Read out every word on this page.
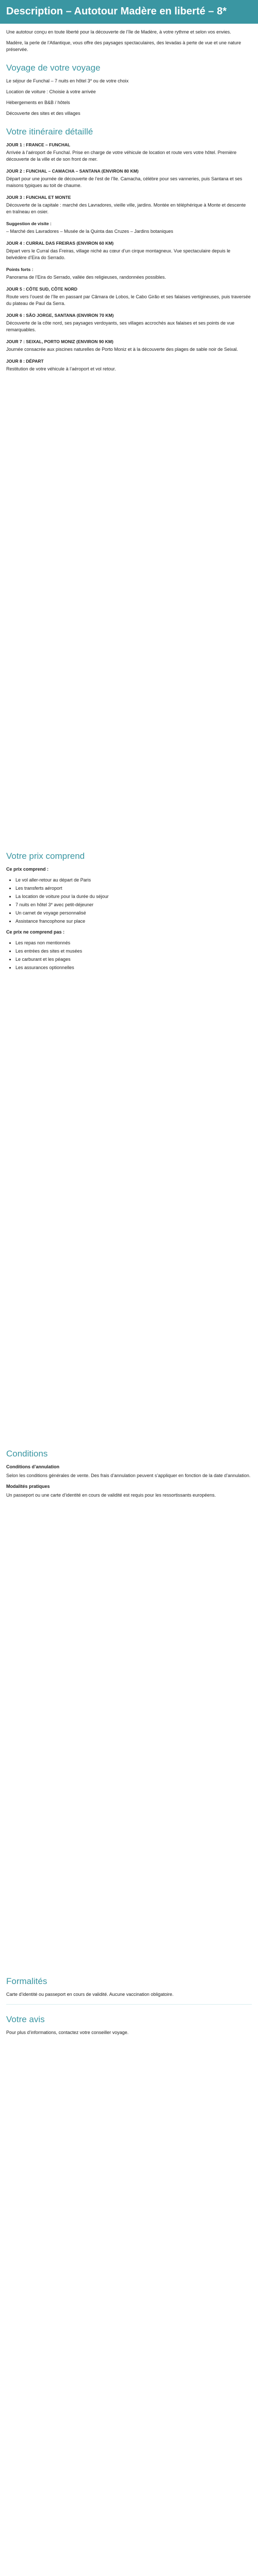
Description – Autotour Madère en liberté – 8*

Une autotour conçu en toute liberté pour la découverte de l’île de Madère, à votre rythme et selon vos envies.

Madère, la perle de l’Atlantique, vous offre des paysages spectaculaires, des levadas à perte de vue et une nature préservée.

Voyage de votre voyage

Le séjour de Funchal – 7 nuits en hôtel 3* ou de votre choix

Location de voiture : Choisie à votre arrivée

Hébergements en B&B / hôtels

Découverte des sites et des villages

Votre itinéraire détaillé
JOUR 1 : FRANCE – FUNCHAL

Arrivée à l’aéroport de Funchal. Prise en charge de votre véhicule de location et route vers votre hôtel. Première découverte de la ville et de son front de mer.

JOUR 2 : FUNCHAL – CAMACHA – SANTANA (ENVIRON 80 KM)

Départ pour une journée de découverte de l’est de l’île. Camacha, célèbre pour ses vanneries, puis Santana et ses maisons typiques au toit de chaume.

JOUR 3 : FUNCHAL ET MONTE

Découverte de la capitale : marché des Lavradores, vieille ville, jardins. Montée en téléphérique à Monte et descente en traîneau en osier.

Suggestion de visite :

– Marché des Lavradores – Musée de la Quinta das Cruzes – Jardins botaniques

JOUR 4 : CURRAL DAS FREIRAS (ENVIRON 60 KM)

Départ vers le Curral das Freiras, village niché au cœur d’un cirque montagneux. Vue spectaculaire depuis le belvédère d’Eira do Serrado.

Points forts :

Panorama de l’Eira do Serrado, vallée des religieuses, randonnées possibles.

JOUR 5 : CÔTE SUD, CÔTE NORD

Route vers l’ouest de l’île en passant par Câmara de Lobos, le Cabo Girão et ses falaises vertigineuses, puis traversée du plateau de Paul da Serra.

JOUR 6 : SÃO JORGE, SANTANA (ENVIRON 70 KM)

Découverte de la côte nord, ses paysages verdoyants, ses villages accrochés aux falaises et ses points de vue remarquables.

JOUR 7 : SEIXAL, PORTO MONIZ (ENVIRON 90 KM)

Journée consacrée aux piscines naturelles de Porto Moniz et à la découverte des plages de sable noir de Seixal.

JOUR 8 : DÉPART

Restitution de votre véhicule à l’aéroport et vol retour.

Votre prix comprend

Ce prix comprend :

• Le vol aller-retour au départ de Paris
• Les transferts aéroport
• La location de voiture pour la durée du séjour
• 7 nuits en hôtel 3* avec petit-déjeuner
• Un carnet de voyage personnalisé
• Assistance francophone sur place

Ce prix ne comprend pas :

• Les repas non mentionnés
• Les entrées des sites et musées
• Le carburant et les péages
• Les assurances optionnelles
Conditions
Conditions d’annulation

Selon les conditions générales de vente. Des frais d’annulation peuvent s’appliquer en fonction de la date d’annulation.

Modalités pratiques

Un passeport ou une carte d’identité en cours de validité est requis pour les ressortissants européens.

Formalités

Carte d’identité ou passeport en cours de validité. Aucune vaccination obligatoire.

Votre avis

Pour plus d’informations, contactez votre conseiller voyage.
